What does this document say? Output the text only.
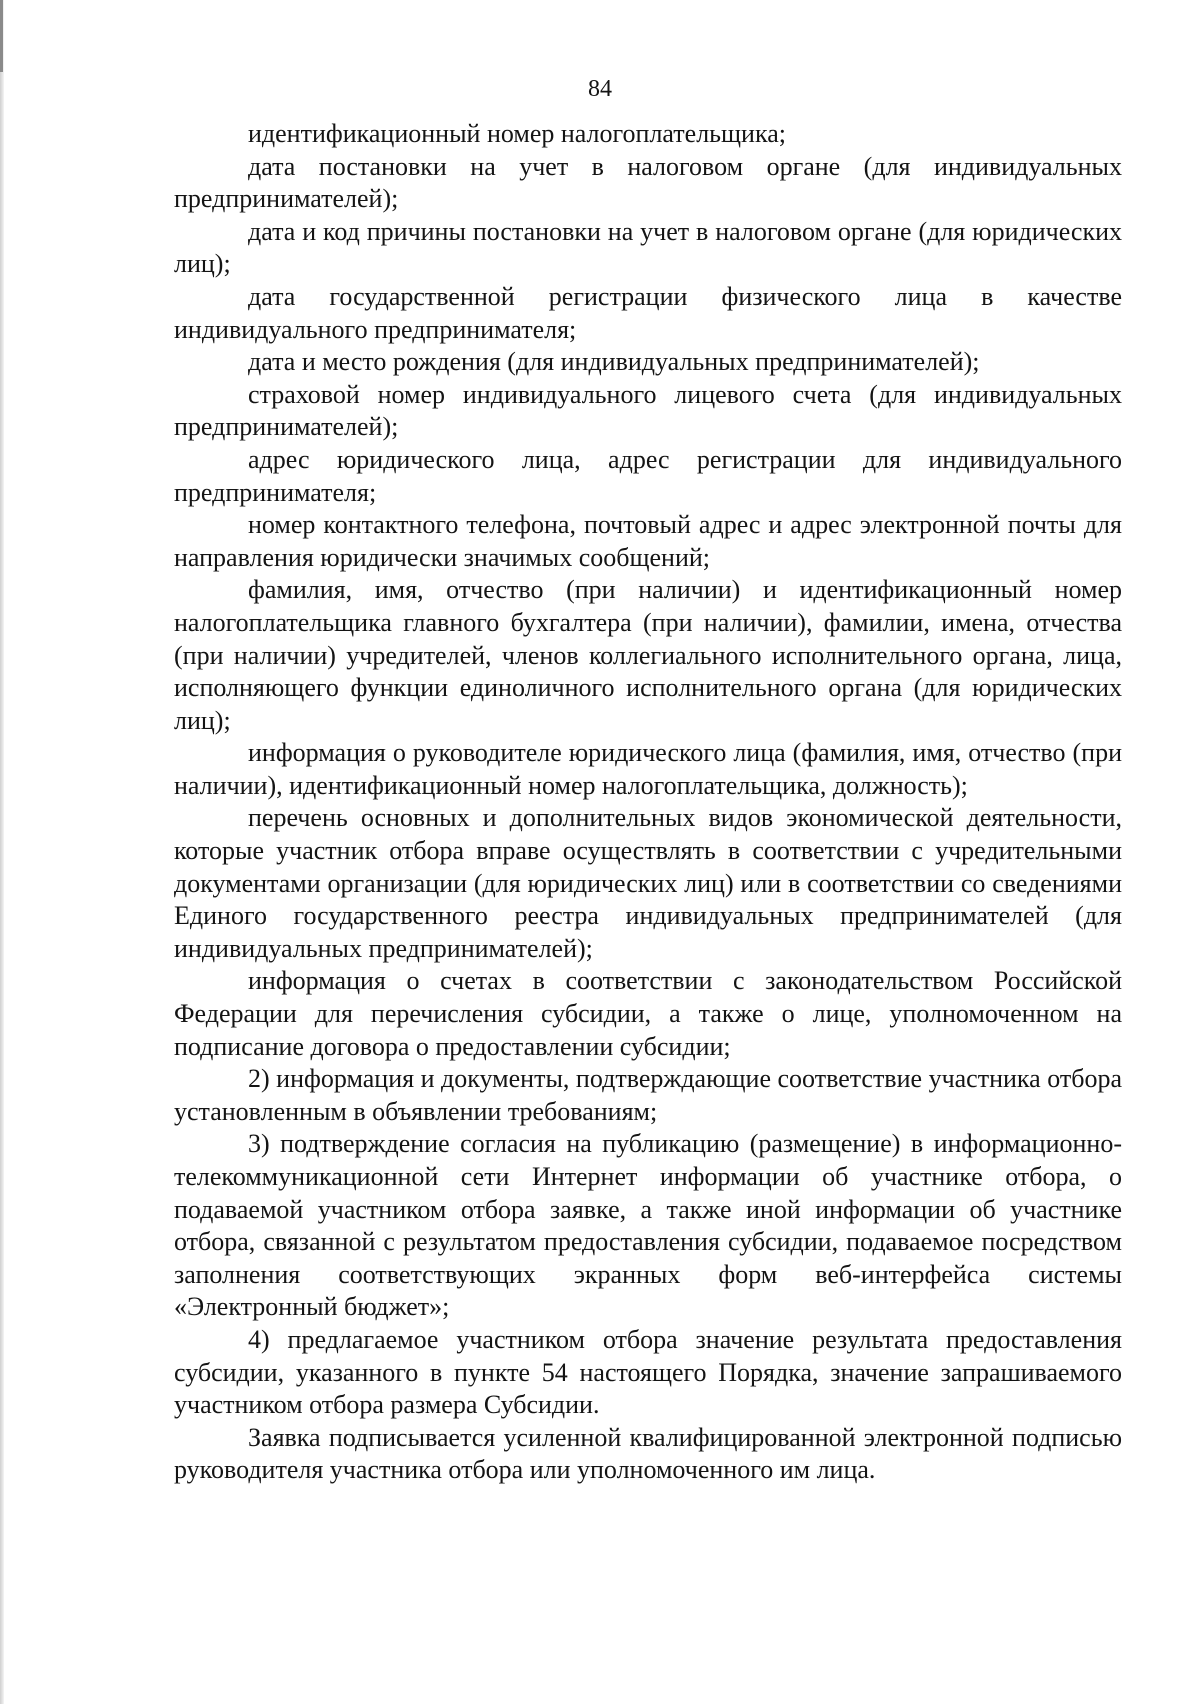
84

идентификационный номер налогоплательщика;

дата постановки на учет в налоговом органе (для индивидуальных предпринимателей);

дата и код причины постановки на учет в налоговом органе (для юридических лиц);

дата государственной регистрации физического лица в качестве индивидуального предпринимателя;

дата и место рождения (для индивидуальных предпринимателей);

страховой номер индивидуального лицевого счета (для индивидуальных предпринимателей);

адрес юридического лица, адрес регистрации для индивидуального предпринимателя;

номер контактного телефона, почтовый адрес и адрес электронной почты для направления юридически значимых сообщений;

фамилия, имя, отчество (при наличии) и идентификационный номер налогоплательщика главного бухгалтера (при наличии), фамилии, имена, отчества (при наличии) учредителей, членов коллегиального исполнительного органа, лица, исполняющего функции единоличного исполнительного органа (для юридических лиц);

информация о руководителе юридического лица (фамилия, имя, отчество (при наличии), идентификационный номер налогоплательщика, должность);

перечень основных и дополнительных видов экономической деятельности, которые участник отбора вправе осуществлять в соответствии с учредительными документами организации (для юридических лиц) или в соответствии со сведениями Единого государственного реестра индивидуальных предпринимателей (для индивидуальных предпринимателей);

информация о счетах в соответствии с законодательством Российской Федерации для перечисления субсидии, а также о лице, уполномоченном на подписание договора о предоставлении субсидии;

2) информация и документы, подтверждающие соответствие участника отбора установленным в объявлении требованиям;

3) подтверждение согласия на публикацию (размещение) в информационно-телекоммуникационной сети Интернет информации об участнике отбора, о подаваемой участником отбора заявке, а также иной информации об участнике отбора, связанной с результатом предоставления субсидии, подаваемое посредством заполнения соответствующих экранных форм веб-интерфейса системы «Электронный бюджет»;

4) предлагаемое участником отбора значение результата предоставления субсидии, указанного в пункте 54 настоящего Порядка, значение запрашиваемого участником отбора размера Субсидии.

Заявка подписывается усиленной квалифицированной электронной подписью руководителя участника отбора или уполномоченного им лица.
